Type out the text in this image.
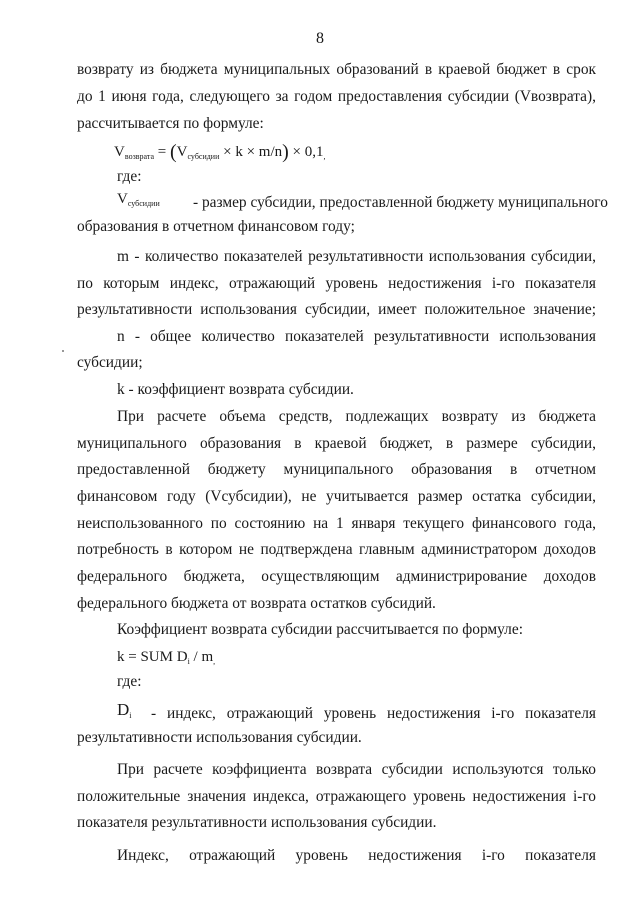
8
возврату из бюджета муниципальных образований в краевой бюджет в срок
до 1 июня года, следующего за годом предоставления субсидии (Vвозврата),
рассчитывается по формуле:
$V_{возврата} = (V_{субсидии} \times k \times m/n) \times 0,1_,$
где:
$V_{субсидии}$	- размер субсидии, предоставленной бюджету муниципального
образования в отчетном финансовом году;
m - количество показателей результативности использования субсидии,
по которым индекс, отражающий уровень недостижения i-го показателя
результативности использования субсидии, имеет положительное значение;
n - общее количество показателей результативности использования
субсидии;
k - коэффициент возврата субсидии.
При расчете объема средств, подлежащих возврату из бюджета
муниципального образования в краевой бюджет, в размере субсидии,
предоставленной бюджету муниципального образования в отчетном
финансовом году (Vсубсидии), не учитывается размер остатка субсидии,
неиспользованного по состоянию на 1 января текущего финансового года,
потребность в котором не подтверждена главным администратором доходов
федерального бюджета, осуществляющим администрирование доходов
федерального бюджета от возврата остатков субсидий.
Коэффициент возврата субсидии рассчитывается по формуле:
k = SUM $D_i / m_,$
где:
$D_i$	- индекс, отражающий уровень недостижения i-го показателя
результативности использования субсидии.
При расчете коэффициента возврата субсидии используются только
положительные значения индекса, отражающего уровень недостижения i-го
показателя результативности использования субсидии.
Индекс, отражающий уровень недостижения i-го показателя
